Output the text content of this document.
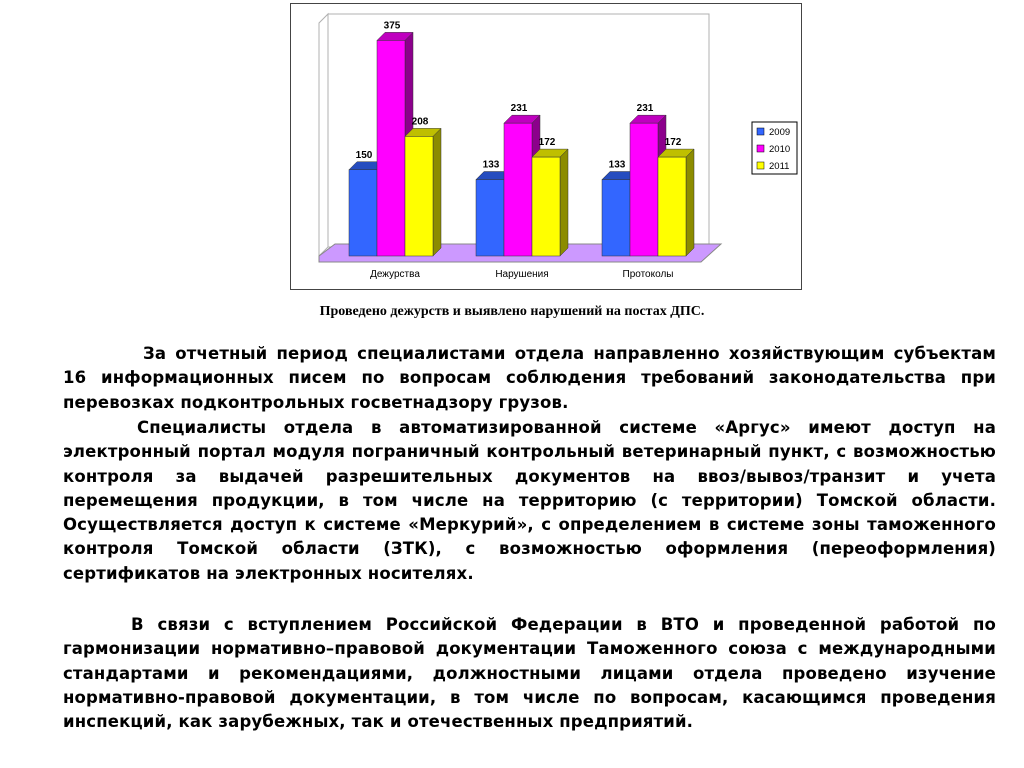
150
375
208
Дежурства
133
231
172
Нарушения
133
231
172
Протоколы
2009
2010
2011
Проведено дежурств и выявлено нарушений на постах ДПС.

За отчетный период специалистами отдела направленно хозяйствующим субъектам 16 информационных писем по вопросам соблюдения требований законодательства при перевозках подконтрольных госветнадзору грузов.

Специалисты отдела в автоматизированной системе «Аргус» имеют доступ на электронный портал модуля пограничный контрольный ветеринарный пункт, с возможностью контроля за выдачей разрешительных документов на ввоз/вывоз/транзит и учета перемещения продукции, в том числе на территорию (с территории) Томской области. Осуществляется доступ к системе «Меркурий», с определением в системе зоны таможенного контроля Томской области (ЗТК), с возможностью оформления (переоформления) сертификатов на электронных носителях.

В связи с вступлением Российской Федерации в ВТО и проведенной работой по гармонизации нормативно–правовой документации Таможенного союза с международными стандартами и рекомендациями, должностными лицами отдела проведено изучение нормативно-правовой документации, в том числе по вопросам, касающимся проведения инспекций, как зарубежных, так и отечественных предприятий.
